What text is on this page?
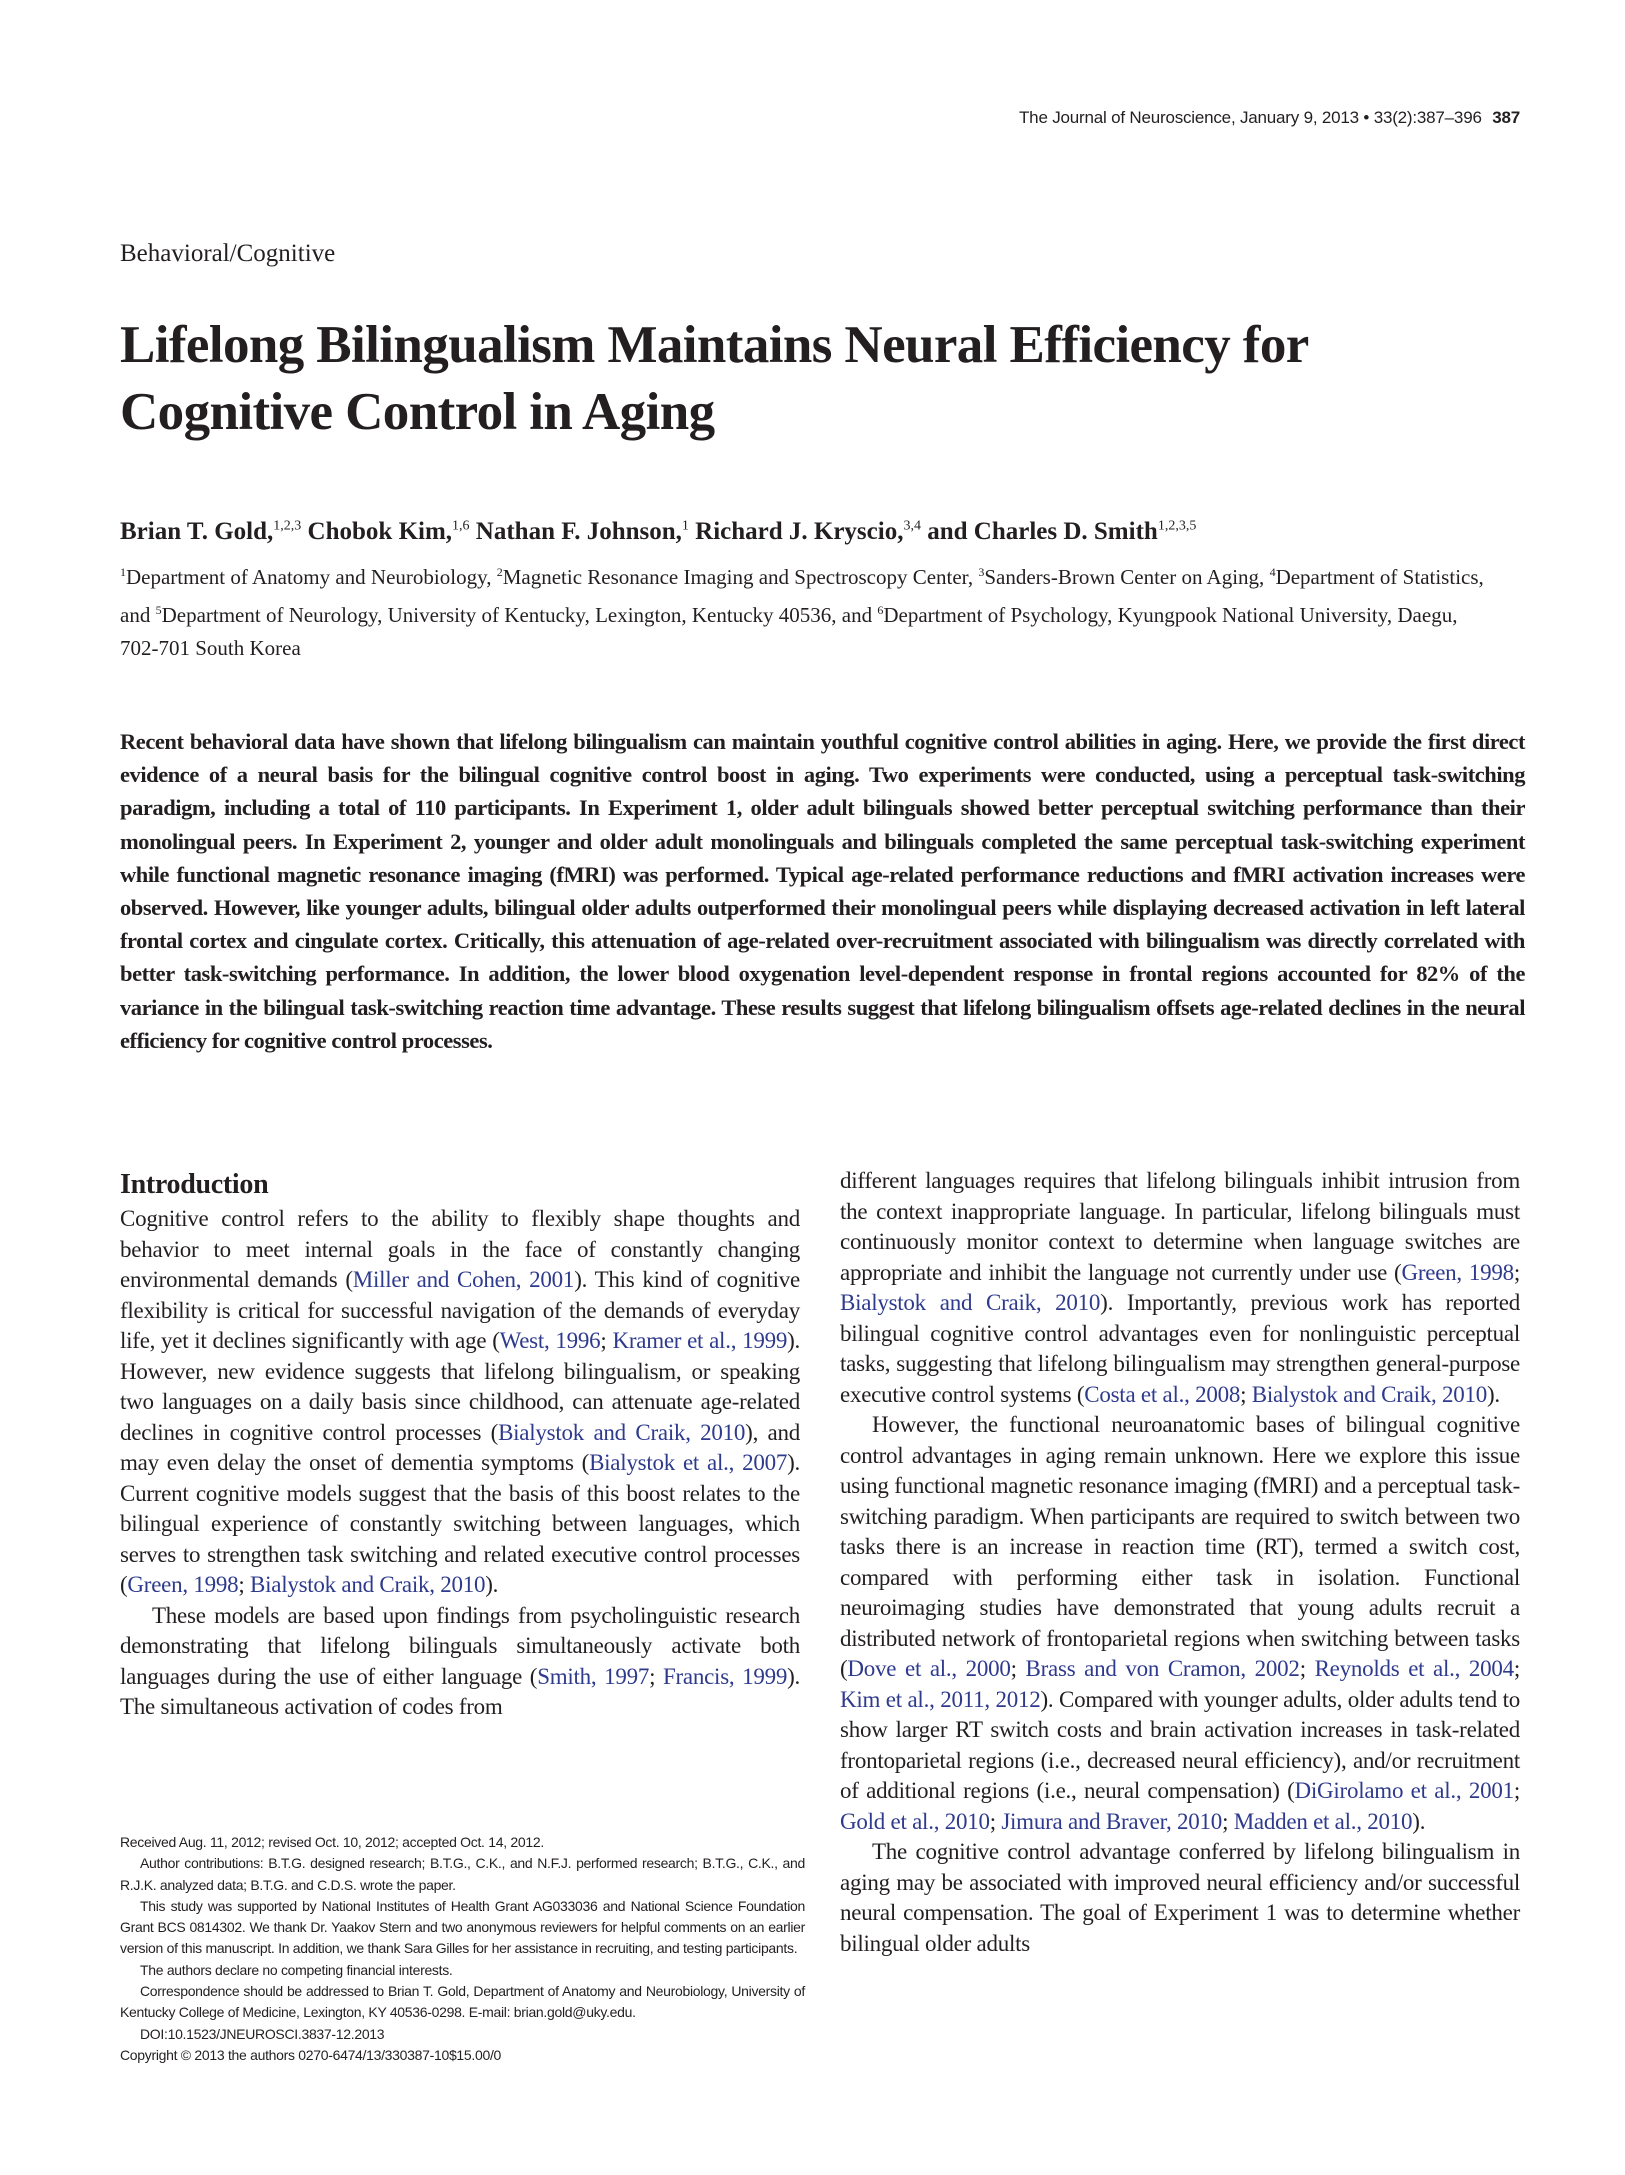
The Journal of Neuroscience, January 9, 2013 • 33(2):387–396 387
Behavioral/Cognitive
Lifelong Bilingualism Maintains Neural Efficiency for Cognitive Control in Aging
Brian T. Gold,$^{1,2,3}$ Chobok Kim,$^{1,6}$ Nathan F. Johnson,$^1$ Richard J. Kryscio,$^{3,4}$ and Charles D. Smith$^{1,2,3,5}$
$^1$Department of Anatomy and Neurobiology, $^2$Magnetic Resonance Imaging and Spectroscopy Center, $^3$Sanders-Brown Center on Aging, $^4$Department of Statistics, and $^5$Department of Neurology, University of Kentucky, Lexington, Kentucky 40536, and $^6$Department of Psychology, Kyungpook National University, Daegu, 702-701 South Korea

Recent behavioral data have shown that lifelong bilingualism can maintain youthful cognitive control abilities in aging. Here, we provide the first direct evidence of a neural basis for the bilingual cognitive control boost in aging. Two experiments were conducted, using a perceptual task-switching paradigm, including a total of 110 participants. In Experiment 1, older adult bilinguals showed better perceptual switching performance than their monolingual peers. In Experiment 2, younger and older adult monolinguals and bilinguals completed the same perceptual task-switching experiment while functional magnetic resonance imaging (fMRI) was performed. Typical age-related performance reductions and fMRI activation increases were observed. However, like younger adults, bilingual older adults outperformed their monolingual peers while displaying decreased activation in left lateral frontal cortex and cingulate cortex. Critically, this attenuation of age-related over-recruitment associated with bilingualism was directly correlated with better task-switching performance. In addition, the lower blood oxygenation level-dependent response in frontal regions accounted for 82% of the variance in the bilingual task-switching reaction time advantage. These results suggest that lifelong bilingualism offsets age-related declines in the neural efficiency for cognitive control processes.

Introduction

Cognitive control refers to the ability to flexibly shape thoughts and behavior to meet internal goals in the face of constantly changing environmental demands (Miller and Cohen, 2001). This kind of cognitive flexibility is critical for successful navigation of the demands of everyday life, yet it declines significantly with age (West, 1996; Kramer et al., 1999). However, new evidence suggests that lifelong bilingualism, or speaking two languages on a daily basis since childhood, can attenuate age-related declines in cognitive control processes (Bialystok and Craik, 2010), and may even delay the onset of dementia symptoms (Bialystok et al., 2007). Current cognitive models suggest that the basis of this boost relates to the bilingual experience of constantly switching between languages, which serves to strengthen task switching and related executive control processes (Green, 1998; Bialystok and Craik, 2010).

These models are based upon findings from psycholinguistic research demonstrating that lifelong bilinguals simultaneously activate both languages during the use of either language (Smith, 1997; Francis, 1999). The simultaneous activation of codes from

different languages requires that lifelong bilinguals inhibit intrusion from the context inappropriate language. In particular, lifelong bilinguals must continuously monitor context to determine when language switches are appropriate and inhibit the language not currently under use (Green, 1998; Bialystok and Craik, 2010). Importantly, previous work has reported bilingual cognitive control advantages even for nonlinguistic perceptual tasks, suggesting that lifelong bilingualism may strengthen general-purpose executive control systems (Costa et al., 2008; Bialystok and Craik, 2010).

However, the functional neuroanatomic bases of bilingual cognitive control advantages in aging remain unknown. Here we explore this issue using functional magnetic resonance imaging (fMRI) and a perceptual task-switching paradigm. When participants are required to switch between two tasks there is an increase in reaction time (RT), termed a switch cost, compared with performing either task in isolation. Functional neuroimaging studies have demonstrated that young adults recruit a distributed network of frontoparietal regions when switching between tasks (Dove et al., 2000; Brass and von Cramon, 2002; Reynolds et al., 2004; Kim et al., 2011, 2012). Compared with younger adults, older adults tend to show larger RT switch costs and brain activation increases in task-related frontoparietal regions (i.e., decreased neural efficiency), and/or recruitment of additional regions (i.e., neural compensation) (DiGirolamo et al., 2001; Gold et al., 2010; Jimura and Braver, 2010; Madden et al., 2010).

The cognitive control advantage conferred by lifelong bilingualism in aging may be associated with improved neural efficiency and/or successful neural compensation. The goal of Experiment 1 was to determine whether bilingual older adults

Received Aug. 11, 2012; revised Oct. 10, 2012; accepted Oct. 14, 2012.

Author contributions: B.T.G. designed research; B.T.G., C.K., and N.F.J. performed research; B.T.G., C.K., and R.J.K. analyzed data; B.T.G. and C.D.S. wrote the paper.

This study was supported by National Institutes of Health Grant AG033036 and National Science Foundation Grant BCS 0814302. We thank Dr. Yaakov Stern and two anonymous reviewers for helpful comments on an earlier version of this manuscript. In addition, we thank Sara Gilles for her assistance in recruiting, and testing participants.

The authors declare no competing financial interests.

Correspondence should be addressed to Brian T. Gold, Department of Anatomy and Neurobiology, University of Kentucky College of Medicine, Lexington, KY 40536-0298. E-mail: brian.gold@uky.edu.

DOI:10.1523/JNEUROSCI.3837-12.2013

Copyright © 2013 the authors 0270-6474/13/330387-10$15.00/0
